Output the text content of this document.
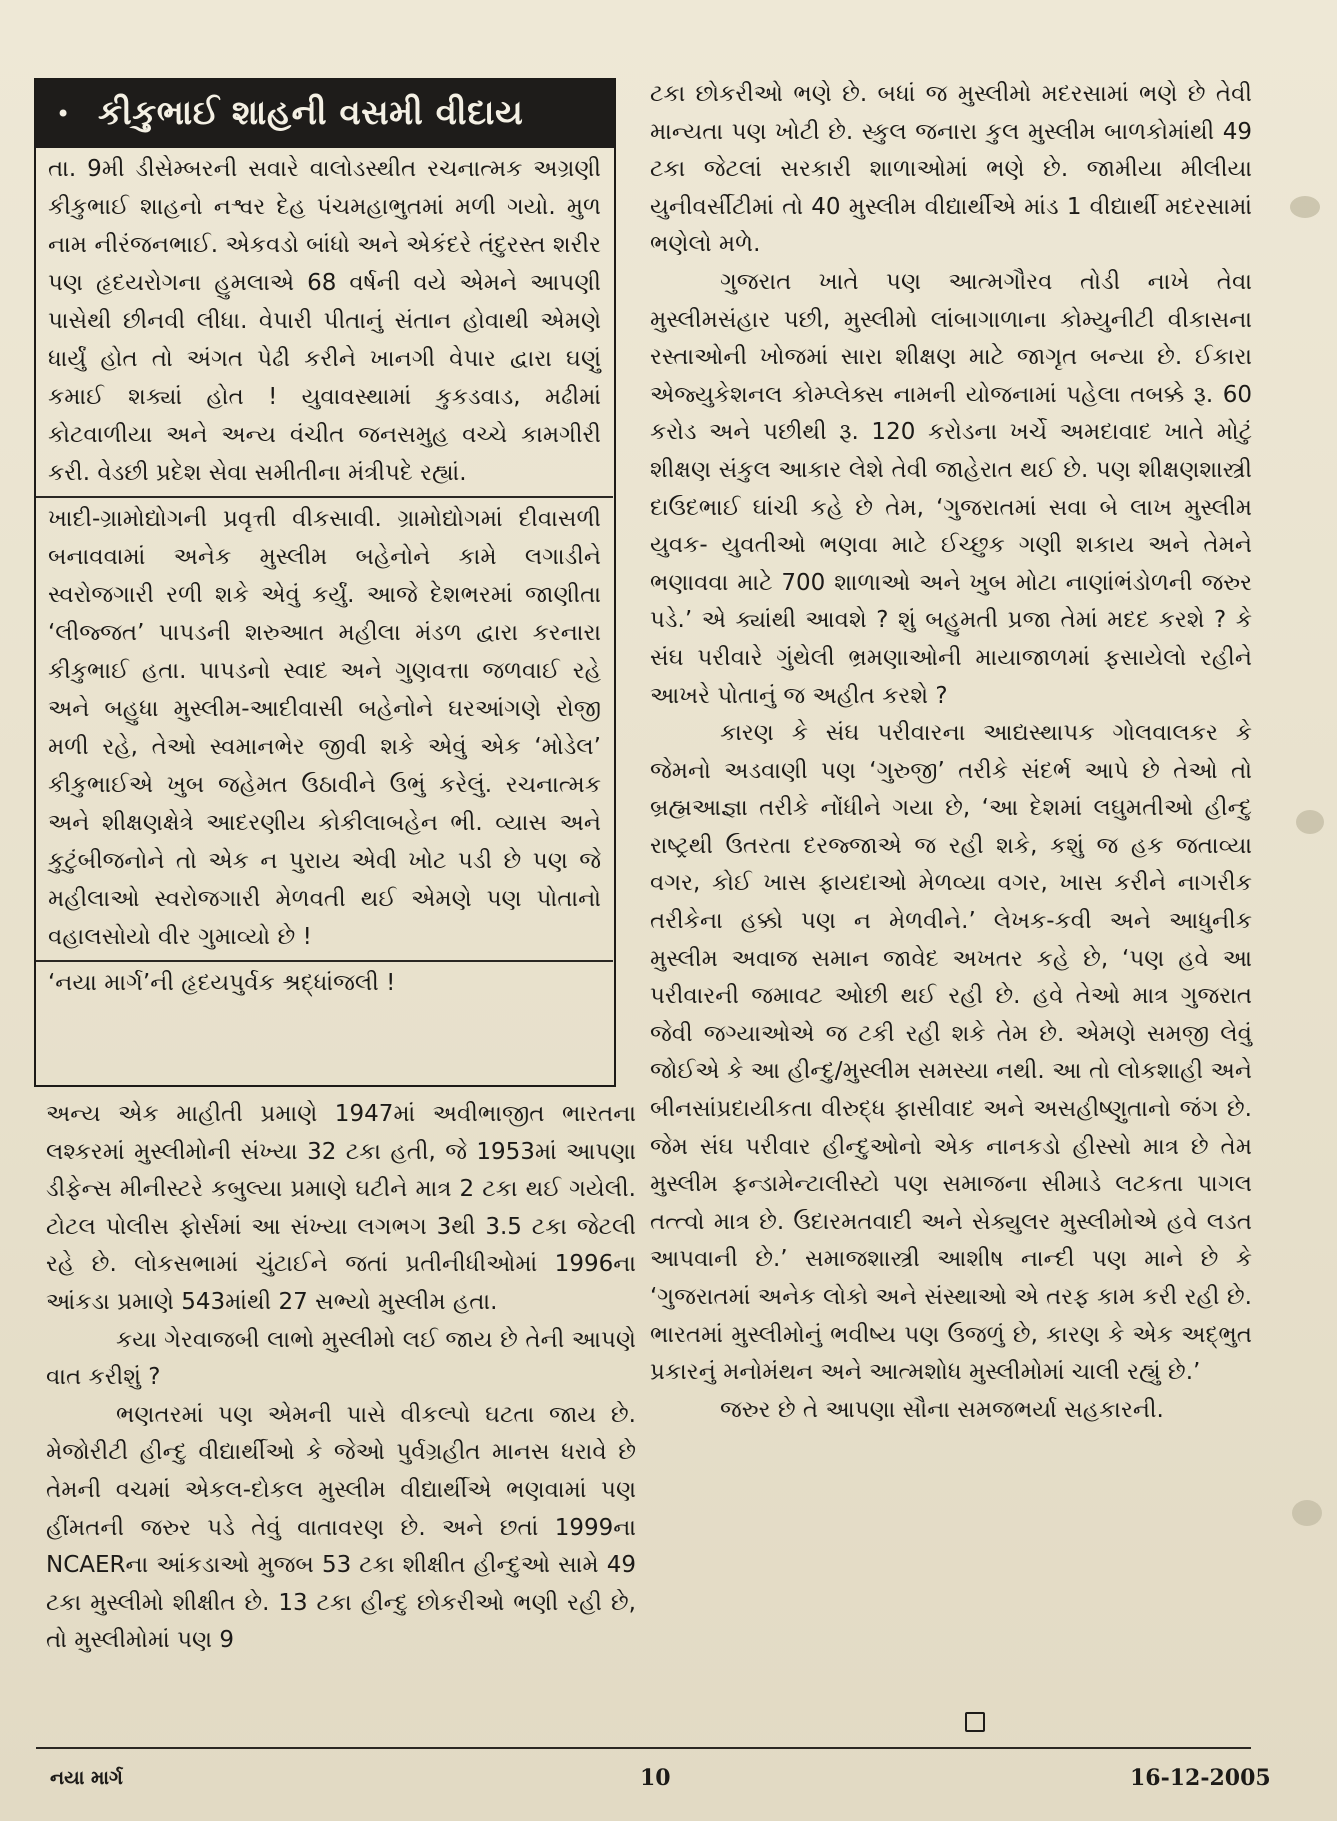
• કીકુભાઈ શાહની વસમી વીદાય

તા. 9મી ડીસેમ્બરની સવારે વાલોડસ્થીત રચનાત્મક અગ્રણી કીકુભાઈ શાહનો નશ્વર દેહ પંચમહાભુતમાં મળી ગયો. મુળ નામ નીરંજનભાઈ. એકવડો બાંધો અને એકંદરે તંદુરસ્ત શરીર પણ હૃદયરોગના હુમલાએ 68 વર્ષની વયે એમને આપણી પાસેથી છીનવી લીધા. વેપારી પીતાનું સંતાન હોવાથી એમણે ધાર્યું હોત તો અંગત પેઢી કરીને ખાનગી વેપાર દ્વારા ઘણું કમાઈ શક્યાં હોત ! યુવાવસ્થામાં કુકડવાડ, મઢીમાં કોટવાળીયા અને અન્ય વંચીત જનસમુહ વચ્ચે કામગીરી કરી. વેડછી પ્રદેશ સેવા સમીતીના મંત્રીપદે રહ્યાં.

ખાદી-ગ્રામોદ્યોગની પ્રવૃત્તી વીકસાવી. ગ્રામોદ્યોગમાં દીવાસળી બનાવવામાં અનેક મુસ્લીમ બહેનોને કામે લગાડીને સ્વરોજગારી રળી શકે એવું કર્યું. આજે દેશભરમાં જાણીતા ‘લીજ્જત’ પાપડની શરુઆત મહીલા મંડળ દ્વારા કરનારા કીકુભાઈ હતા. પાપડનો સ્વાદ અને ગુણવત્તા જળવાઈ રહે અને બહુધા મુસ્લીમ-આદીવાસી બહેનોને ઘરઆંગણે રોજી મળી રહે, તેઓ સ્વમાનભેર જીવી શકે એવું એક ‘મોડેલ’ કીકુભાઈએ ખુબ જહેમત ઉઠાવીને ઉભું કરેલું. રચનાત્મક અને શીક્ષણક્ષેત્રે આદરણીય કોકીલાબહેન ભી. વ્યાસ અને કુટુંબીજનોને તો એક ન પુરાય એવી ખોટ પડી છે પણ જે મહીલાઓ સ્વરોજગારી મેળવતી થઈ એમણે પણ પોતાનો વહાલસોયો વીર ગુમાવ્યો છે !

‘નયા માર્ગ’ની હૃદયપુર્વક શ્રદ્ધાંજલી !

અન્ય એક માહીતી પ્રમાણે 1947માં અવીભાજીત ભારતના લશ્કરમાં મુસ્લીમોની સંખ્યા 32 ટકા હતી, જે 1953માં આપણા ડીફેન્સ મીનીસ્ટરે કબુલ્યા પ્રમાણે ઘટીને માત્ર 2 ટકા થઈ ગયેલી. ટોટલ પોલીસ ફોર્સમાં આ સંખ્યા લગભગ 3થી 3.5 ટકા જેટલી રહે છે. લોકસભામાં ચુંટાઈને જતાં પ્રતીનીધીઓમાં 1996ના આંકડા પ્રમાણે 543માંથી 27 સભ્યો મુસ્લીમ હતા.

કયા ગેરવાજબી લાભો મુસ્લીમો લઈ જાય છે તેની આપણે વાત કરીશું ?

ભણતરમાં પણ એમની પાસે વીકલ્પો ઘટતા જાય છે. મેજોરીટી હીન્દુ વીદ્યાર્થીઓ કે જેઓ પુર્વગ્રહીત માનસ ધરાવે છે તેમની વચમાં એકલ-દોકલ મુસ્લીમ વીદ્યાર્થીએ ભણવામાં પણ હીંમતની જરુર પડે તેવું વાતાવરણ છે. અને છતાં 1999ના NCAERના આંકડાઓ મુજબ 53 ટકા શીક્ષીત હીન્દુઓ સામે 49 ટકા મુસ્લીમો શીક્ષીત છે. 13 ટકા હીન્દુ છોકરીઓ ભણી રહી છે, તો મુસ્લીમોમાં પણ 9

ટકા છોકરીઓ ભણે છે. બધાં જ મુસ્લીમો મદરસામાં ભણે છે તેવી માન્યતા પણ ખોટી છે. સ્કુલ જનારા કુલ મુસ્લીમ બાળકોમાંથી 49 ટકા જેટલાં સરકારી શાળાઓમાં ભણે છે. જામીયા મીલીયા યુનીવર્સીટીમાં તો 40 મુસ્લીમ વીદ્યાર્થીએ માંડ 1 વીદ્યાર્થી મદરસામાં ભણેલો મળે.

ગુજરાત ખાતે પણ આત્મગૌરવ તોડી નાખે તેવા મુસ્લીમસંહાર પછી, મુસ્લીમો લાંબાગાળાના કોમ્યુનીટી વીકાસના રસ્તાઓની ખોજમાં સારા શીક્ષણ માટે જાગૃત બન્યા છે. ઈકારા એજ્યુકેશનલ કોમ્પ્લેક્સ નામની યોજનામાં પહેલા તબક્કે રૂ. 60 કરોડ અને પછીથી રૂ. 120 કરોડના ખર્ચે અમદાવાદ ખાતે મોટું શીક્ષણ સંકુલ આકાર લેશે તેવી જાહેરાત થઈ છે. પણ શીક્ષણશાસ્ત્રી દાઉદભાઈ ઘાંચી કહે છે તેમ, ‘ગુજરાતમાં સવા બે લાખ મુસ્લીમ યુવક- યુવતીઓ ભણવા માટે ઈચ્છુક ગણી શકાય અને તેમને ભણાવવા માટે 700 શાળાઓ અને ખુબ મોટા નાણાંભંડોળની જરુર પડે.’ એ ક્યાંથી આવશે ? શું બહુમતી પ્રજા તેમાં મદદ કરશે ? કે સંઘ પરીવારે ગુંથેલી ભ્રમણાઓની માયાજાળમાં ફસાયેલો રહીને આખરે પોતાનું જ અહીત કરશે ?

કારણ કે સંઘ પરીવારના આદ્યસ્થાપક ગોલવાલકર કે જેમનો અડવાણી પણ ‘ગુરુજી’ તરીકે સંદર્ભ આપે છે તેઓ તો બ્રહ્મઆજ્ઞા તરીકે નોંધીને ગયા છે, ‘આ દેશમાં લઘુમતીઓ હીન્દુ રાષ્ટ્રથી ઉતરતા દરજ્જાએ જ રહી શકે, કશું જ હક જતાવ્યા વગર, કોઈ ખાસ ફાયદાઓ મેળવ્યા વગર, ખાસ કરીને નાગરીક તરીકેના હક્કો પણ ન મેળવીને.’ લેખક-કવી અને આધુનીક મુસ્લીમ અવાજ સમાન જાવેદ અખતર કહે છે, ‘પણ હવે આ પરીવારની જમાવટ ઓછી થઈ રહી છે. હવે તેઓ માત્ર ગુજરાત જેવી જગ્યાઓએ જ ટકી રહી શકે તેમ છે. એમણે સમજી લેવું જોઈએ કે આ હીન્દુ/મુસ્લીમ સમસ્યા નથી. આ તો લોકશાહી અને બીનસાંપ્રદાયીકતા વીરુદ્ધ ફાસીવાદ અને અસહીષ્ણુતાનો જંગ છે. જેમ સંઘ પરીવાર હીન્દુઓનો એક નાનકડો હીસ્સો માત્ર છે તેમ મુસ્લીમ ફન્ડામેન્ટાલીસ્ટો પણ સમાજના સીમાડે લટકતા પાગલ તત્ત્વો માત્ર છે. ઉદારમતવાદી અને સેક્યુલર મુસ્લીમોએ હવે લડત આપવાની છે.’ સમાજશાસ્ત્રી આશીષ નાન્દી પણ માને છે કે ‘ગુજરાતમાં અનેક લોકો અને સંસ્થાઓ એ તરફ કામ કરી રહી છે. ભારતમાં મુસ્લીમોનું ભવીષ્ય પણ ઉજળું છે, કારણ કે એક અદ્ભુત પ્રકારનું મનોમંથન અને આત્મશોધ મુસ્લીમોમાં ચાલી રહ્યું છે.’

જરુર છે તે આપણા સૌના સમજભર્યા સહકારની.

નયા માર્ગ	10	16-12-2005
